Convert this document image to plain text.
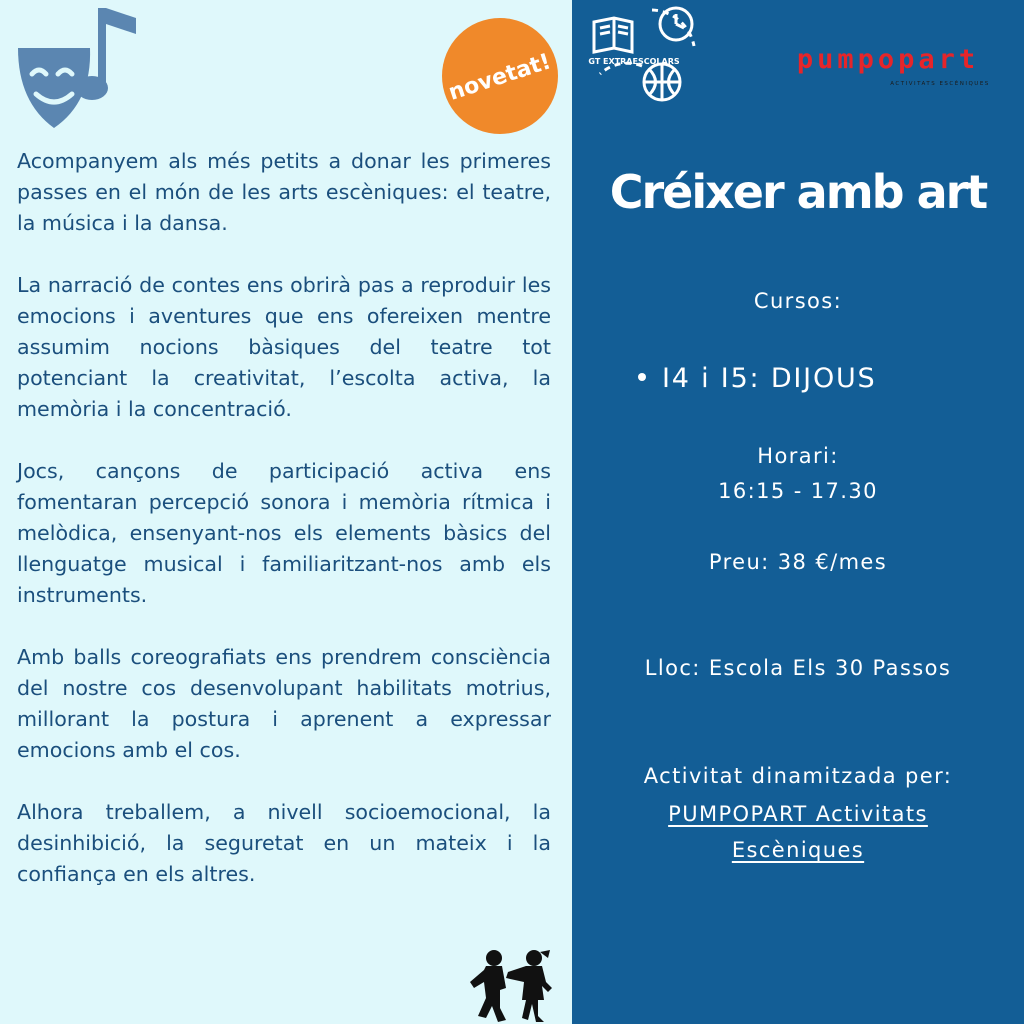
novetat!

Acompanyem als més petits a donar les primeres passes en el món de les arts escèniques: el teatre, la música i la dansa.

La narració de contes ens obrirà pas a reproduir les emocions i aventures que ens ofereixen mentre assumim nocions bàsiques del teatre tot potenciant la creativitat, l’escolta activa, la memòria i la concentració.

Jocs, cançons de participació activa ens fomentaran percepció sonora i memòria rítmica i melòdica, ensenyant-nos els elements bàsics del llenguatge musical i familiaritzant-nos amb els instruments.

Amb balls coreografiats ens prendrem consciència del nostre cos desenvolupant habilitats motrius, millorant la postura i aprenent a expressar emocions amb el cos.

Alhora treballem, a nivell socioemocional, la desinhibició, la seguretat en un mateix i la confiança en els altres.

GT EXTRAESCOLARS	pumpopart
ACTIVITATS ESCÈNIQUES
Créixer amb art
Cursos:
I4 i I5: DIJOUS
Horari:
16:15 - 17.30
Preu: 38 €/mes
Lloc: Escola Els 30 Passos
Activitat dinamitzada per:
PUMPOPART Activitats
Escèniques
